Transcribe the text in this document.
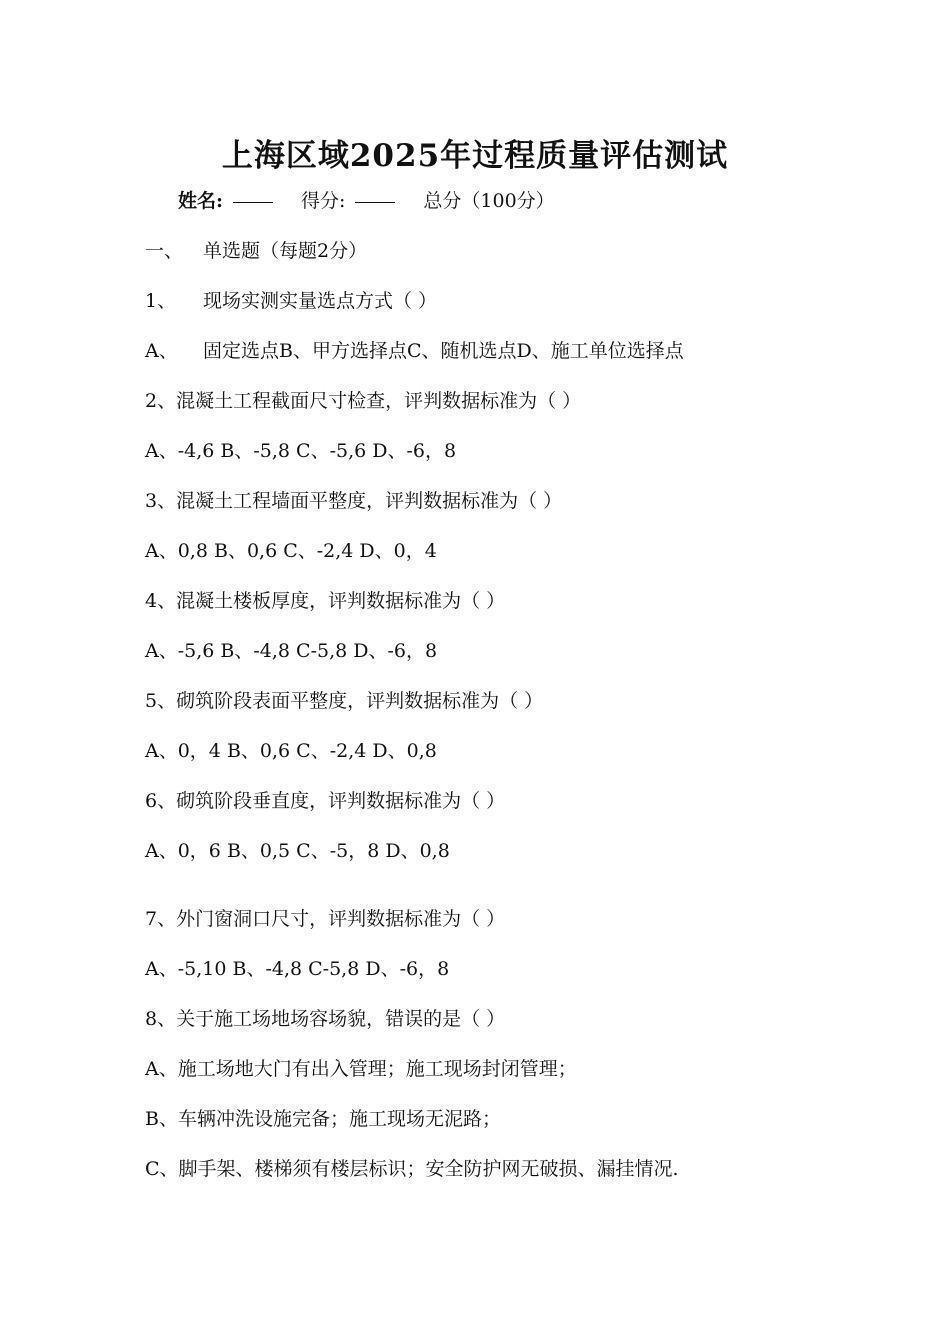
上海区域2025年过程质量评估测试
姓名:	得分:	总分（100分）
一、 单选题（每题2分）
1、 现场实测实量选点方式（ ）
A、 固定选点B、甲方选择点C、随机选点D、施工单位选择点
2、混凝土工程截面尺寸检查，评判数据标准为（ ）
A、-4,6 B、-5,8 C、-5,6 D、-6，8
3、混凝土工程墙面平整度，评判数据标准为（ ）
A、0,8 B、0,6 C、-2,4 D、0，4
4、混凝土楼板厚度，评判数据标准为（ ）
A、-5,6 B、-4,8 C-5,8 D、-6，8
5、砌筑阶段表面平整度，评判数据标准为（ ）
A、0，4 B、0,6 C、-2,4 D、0,8
6、砌筑阶段垂直度，评判数据标准为（ ）
A、0，6 B、0,5 C、-5，8 D、0,8
7、外门窗洞口尺寸，评判数据标准为（ ）
A、-5,10 B、-4,8 C-5,8 D、-6，8
8、关于施工场地场容场貌，错误的是（ ）
A、施工场地大门有出入管理；施工现场封闭管理；
B、车辆冲洗设施完备；施工现场无泥路；
C、脚手架、楼梯须有楼层标识；安全防护网无破损、漏挂情况.
